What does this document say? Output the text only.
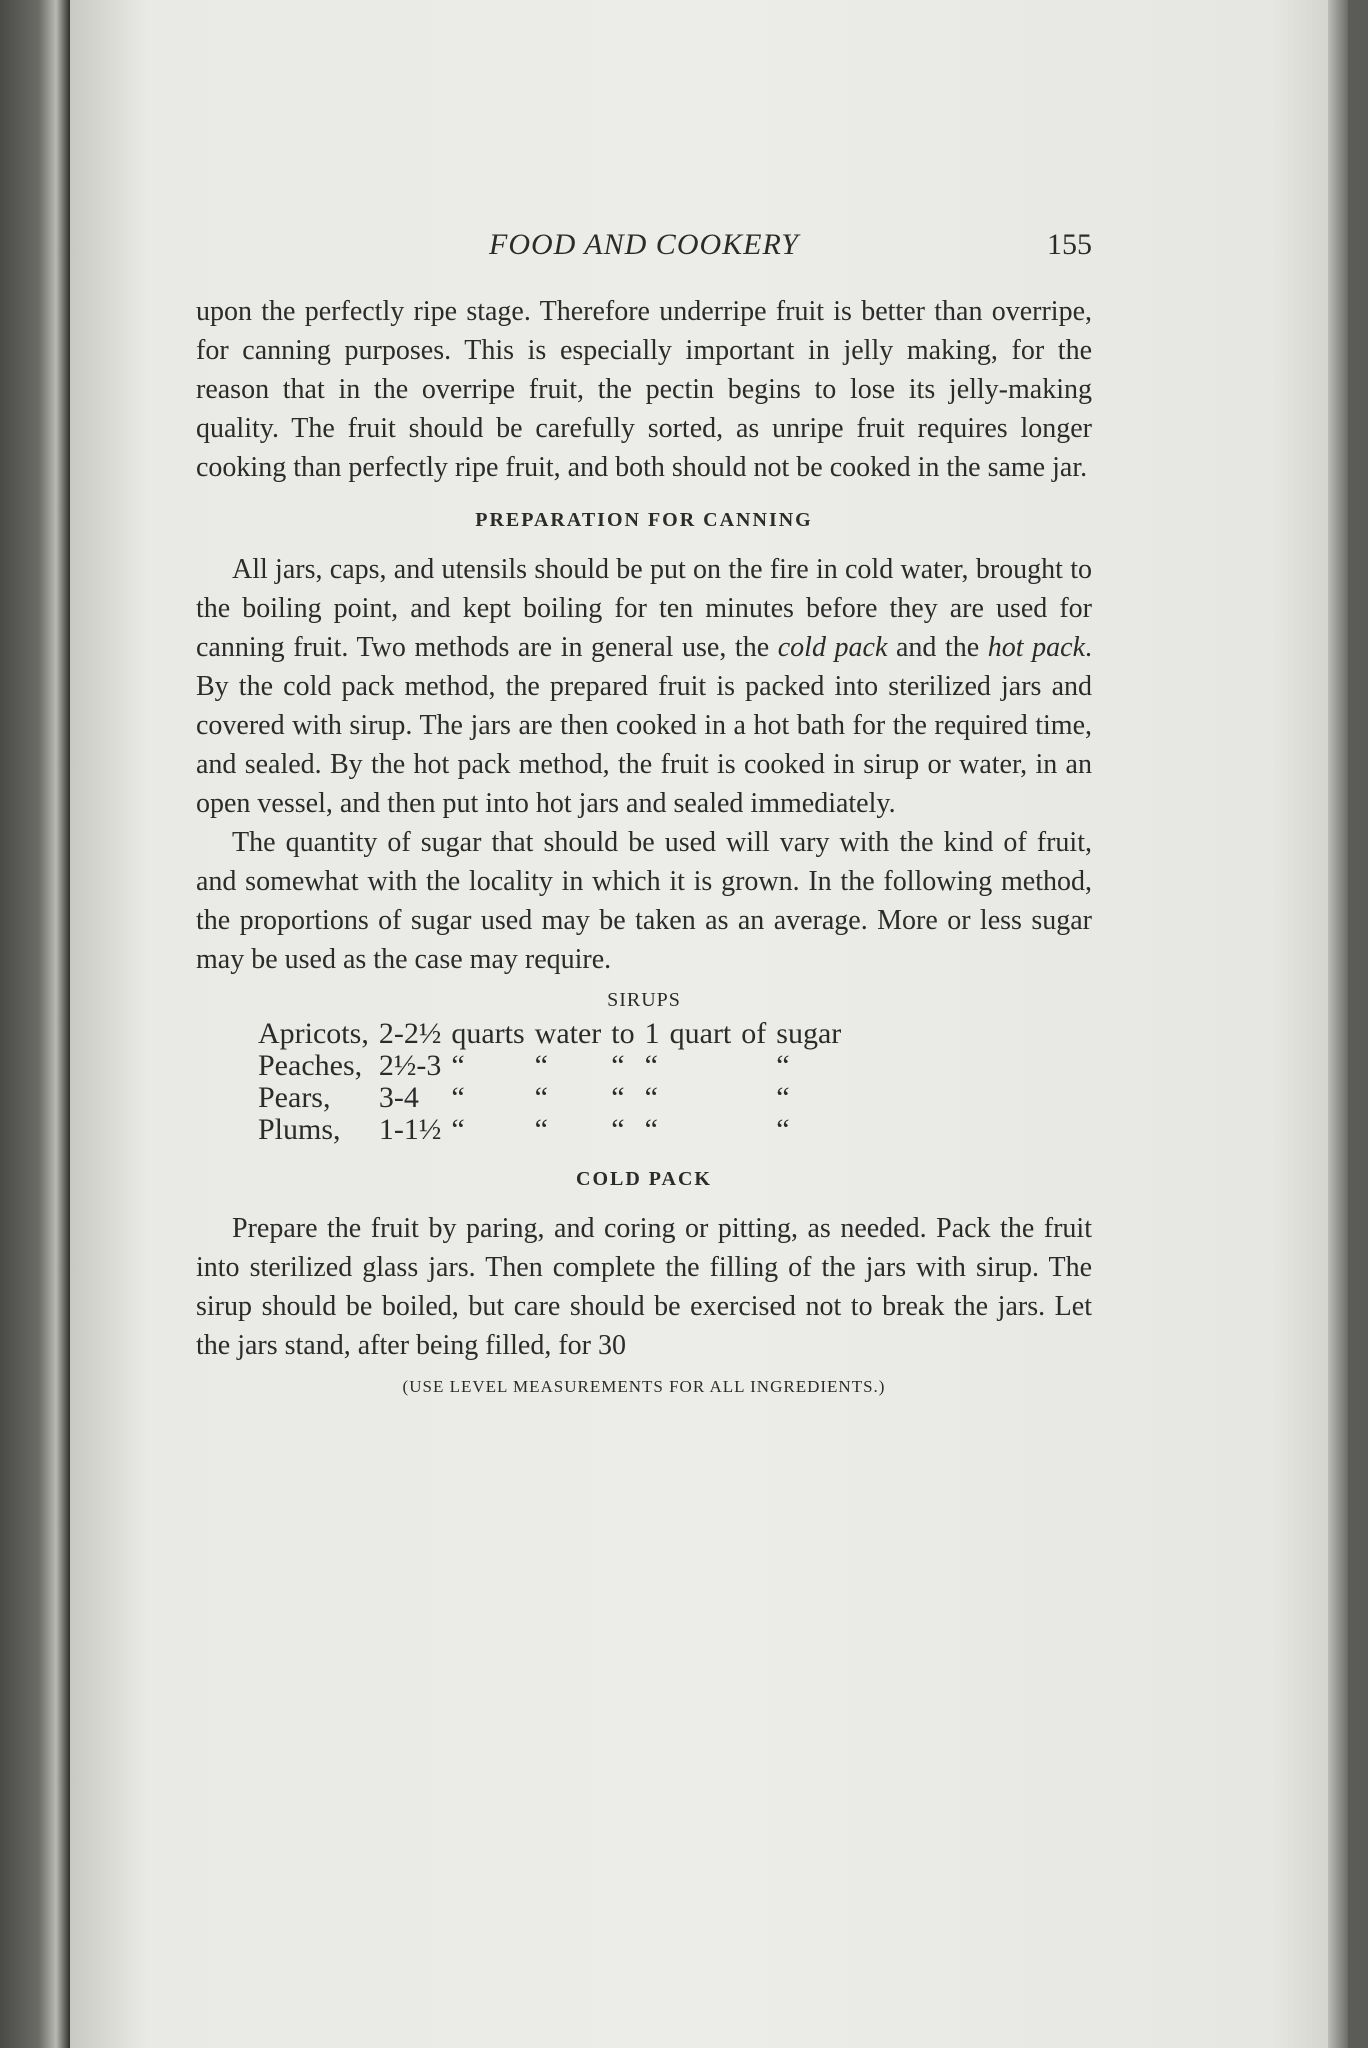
FOOD AND COOKERY	155

upon the perfectly ripe stage. Therefore underripe fruit is better than overripe, for canning purposes. This is especially important in jelly making, for the reason that in the overripe fruit, the pectin begins to lose its jelly-making quality. The fruit should be carefully sorted, as unripe fruit requires longer cooking than perfectly ripe fruit, and both should not be cooked in the same jar.

PREPARATION FOR CANNING

All jars, caps, and utensils should be put on the fire in cold water, brought to the boiling point, and kept boiling for ten minutes before they are used for canning fruit. Two methods are in general use, the cold pack and the hot pack. By the cold pack method, the prepared fruit is packed into sterilized jars and covered with sirup. The jars are then cooked in a hot bath for the required time, and sealed. By the hot pack method, the fruit is cooked in sirup or water, in an open vessel, and then put into hot jars and sealed immediately.

The quantity of sugar that should be used will vary with the kind of fruit, and somewhat with the locality in which it is grown. In the following method, the proportions of sugar used may be taken as an average. More or less sugar may be used as the case may require.

SIRUPS
Apricots,	2-2½	quarts	water	to	1	quart	of	sugar
Peaches,	2½-3	“	“	“	“			“
Pears,	3-4	“	“	“	“			“
Plums,	1-1½	“	“	“	“			“
COLD PACK

Prepare the fruit by paring, and coring or pitting, as needed. Pack the fruit into sterilized glass jars. Then complete the filling of the jars with sirup. The sirup should be boiled, but care should be exercised not to break the jars. Let the jars stand, after being filled, for 30

(USE LEVEL MEASUREMENTS FOR ALL INGREDIENTS.)
